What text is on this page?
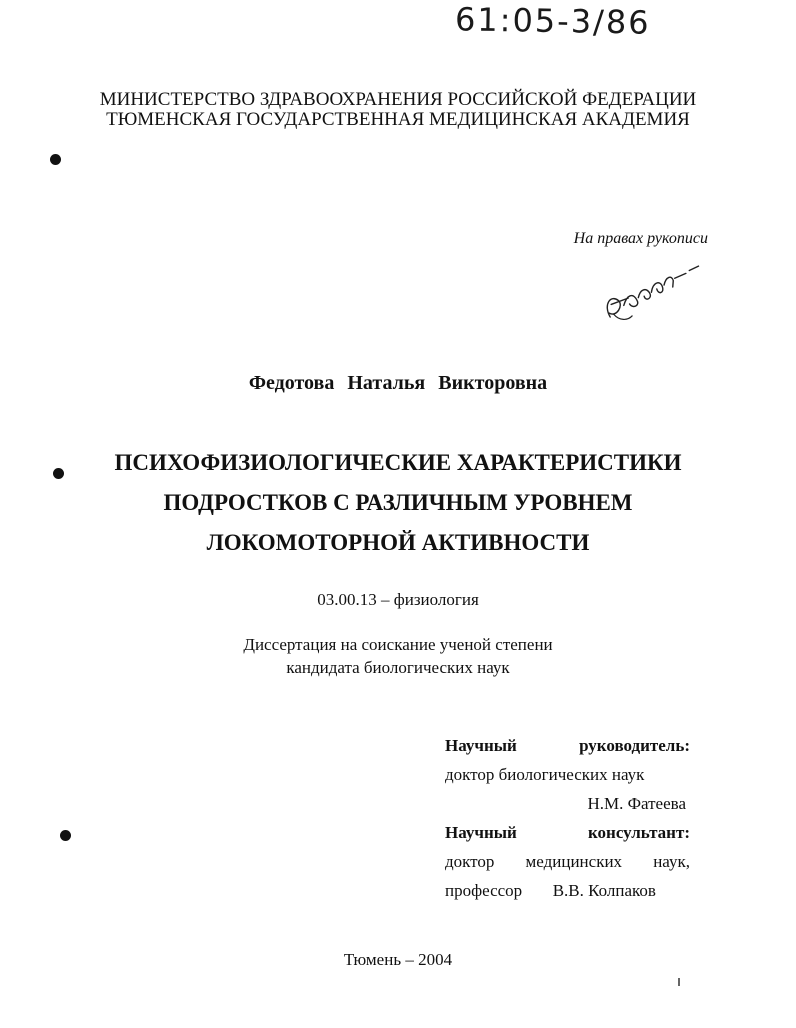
61:05-3/86
МИНИСТЕРСТВО ЗДРАВООХРАНЕНИЯ РОССИЙСКОЙ ФЕДЕРАЦИИ
ТЮМЕНСКАЯ ГОСУДАРСТВЕННАЯ МЕДИЦИНСКАЯ АКАДЕМИЯ
На правах рукописи
Федотова Наталья Викторовна
ПСИХОФИЗИОЛОГИЧЕСКИЕ ХАРАКТЕРИСТИКИ
ПОДРОСТКОВ С РАЗЛИЧНЫМ УРОВНЕМ
ЛОКОМОТОРНОЙ АКТИВНОСТИ
03.00.13 – физиология
Диссертация на соискание ученой степени
кандидата биологических наук
Научный	руководитель:
доктор биологических наук
Н.М. Фатеева
Научный	консультант:
доктор медицинских наук,
профессор В.В. Колпаков
Тюмень – 2004
